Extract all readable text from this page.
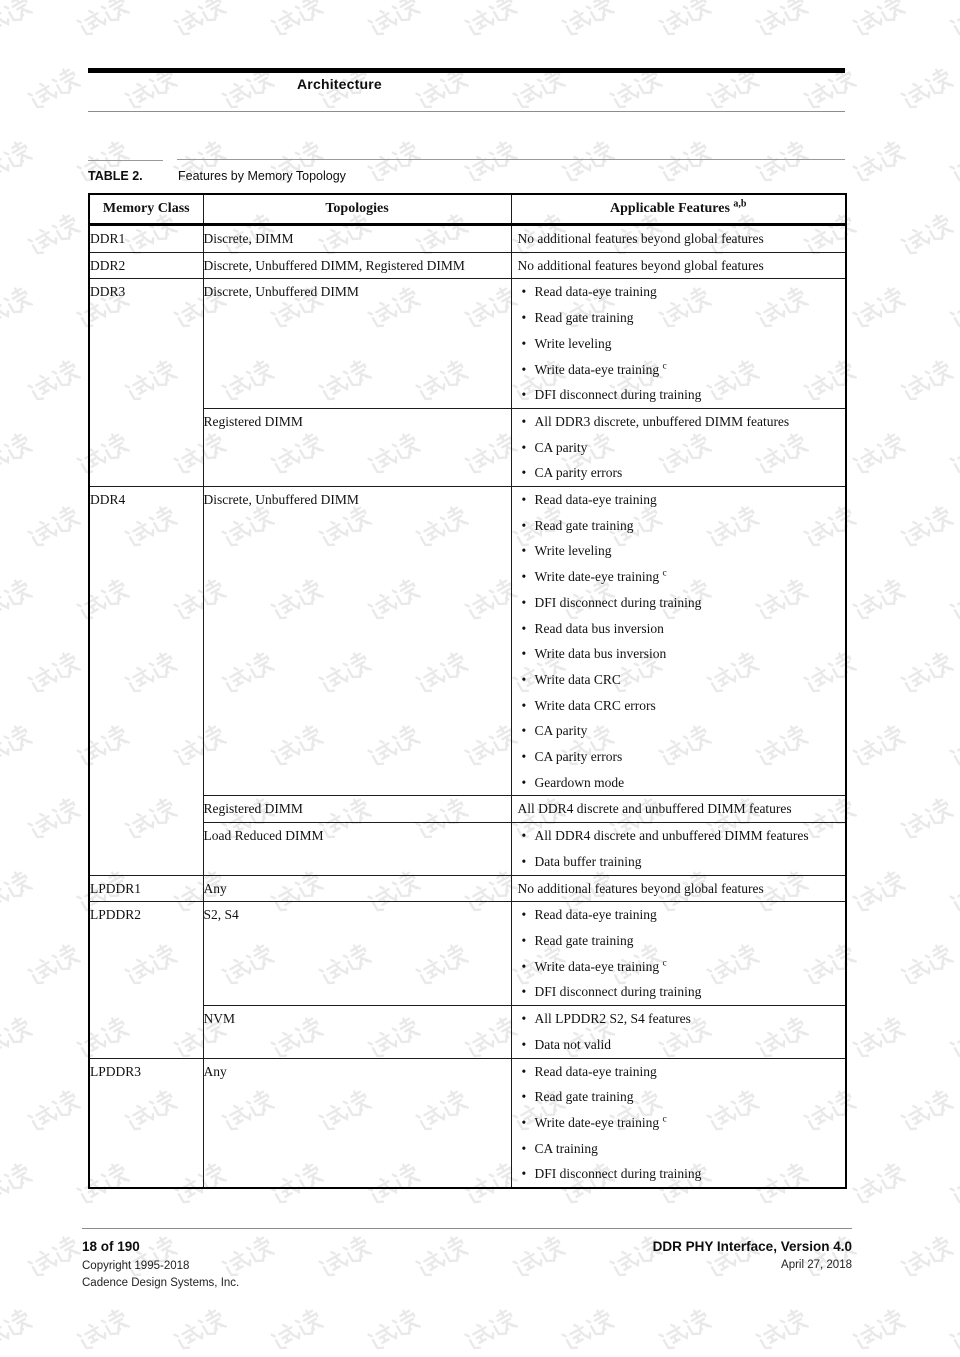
Architecture
TABLE 2.	Features by Memory Topology
Memory Class	Topologies	Applicable Features $^{a,b}$
DDR1	Discrete, DIMM	No additional features beyond global features

DDR2	Discrete, Unbuffered DIMM, Registered DIMM	No additional features beyond global features

DDR3	Discrete, Unbuffered DIMM	• Read data-eye training
• Read gate training
• Write leveling
• Write data-eye training $^c$
• DFI disconnect during training

	Registered DIMM	• All DDR3 discrete, unbuffered DIMM features
• CA parity
• CA parity errors

DDR4	Discrete, Unbuffered DIMM	• Read data-eye training
• Read gate training
• Write leveling
• Write date-eye training $^c$
• DFI disconnect during training
• Read data bus inversion
• Write data bus inversion
• Write data CRC
• Write data CRC errors
• CA parity
• CA parity errors
• Geardown mode

	Registered DIMM	All DDR4 discrete and unbuffered DIMM features

	Load Reduced DIMM	• All DDR4 discrete and unbuffered DIMM features
• Data buffer training

LPDDR1	Any	No additional features beyond global features

LPDDR2	S2, S4	• Read data-eye training
• Read gate training
• Write data-eye training $^c$
• DFI disconnect during training

	NVM	• All LPDDR2 S2, S4 features
• Data not valid

LPDDR3	Any	• Read data-eye training
• Read gate training
• Write date-eye training $^c$
• CA training
• DFI disconnect during training
18 of 190
Copyright 1995-2018
Cadence Design Systems, Inc.
DDR PHY Interface, Version 4.0
April 27, 2018
